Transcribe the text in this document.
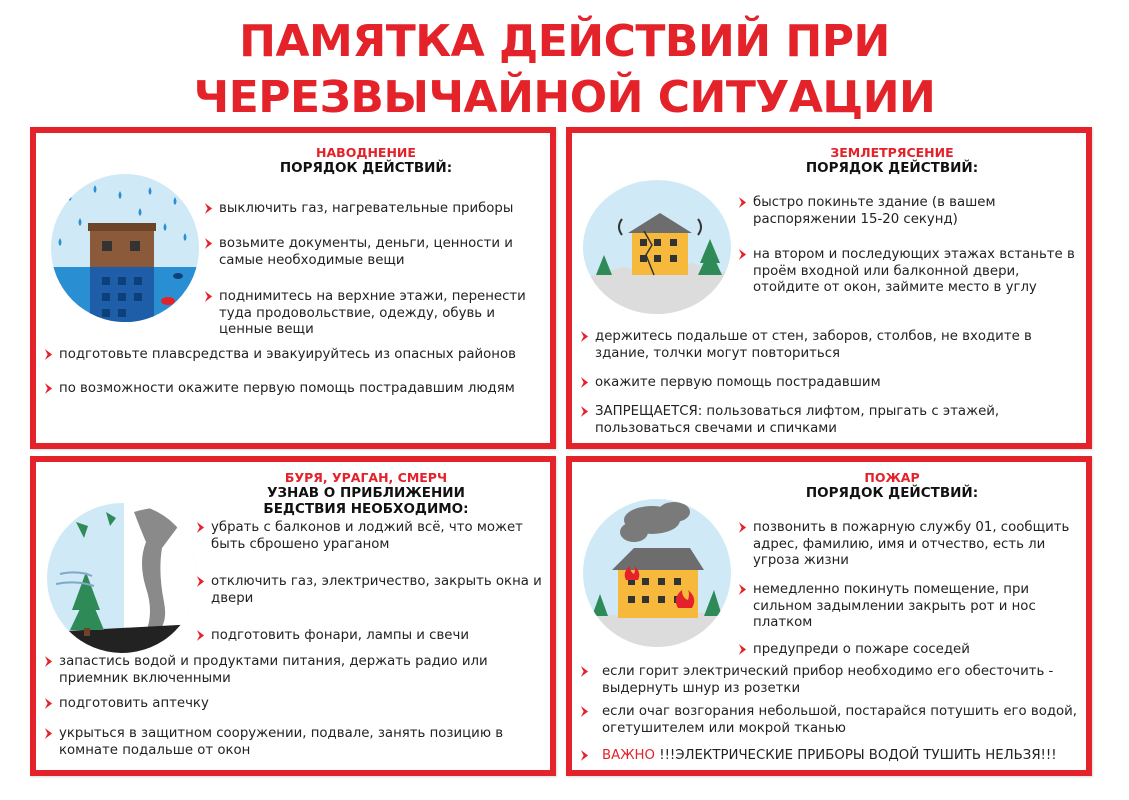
ПАМЯТКА ДЕЙСТВИЙ ПРИ
ЧЕРЕЗВЫЧАЙНОЙ СИТУАЦИИ
НАВОДНЕНИЕ
ПОРЯДОК ДЕЙСТВИЙ:
выключить газ, нагревательные приборы
возьмите документы, деньги, ценности и самые необходимые вещи
поднимитесь на верхние этажи, перенести туда продовольствие, одежду, обувь и ценные вещи
подготовьте плавсредства и эвакуируйтесь из опасных районов
по возможности окажите первую помощь пострадавшим людям
ЗЕМЛЕТРЯСЕНИЕ
ПОРЯДОК ДЕЙСТВИЙ:
быстро покиньте здание (в вашем распоряжении 15-20 секунд)
на втором и последующих этажах встаньте в проём входной или балконной двери, отойдите от окон, займите место в углу
держитесь подальше от стен, заборов, столбов, не входите в здание, толчки могут повториться
окажите первую помощь пострадавшим
ЗАПРЕЩАЕТСЯ: пользоваться лифтом, прыгать с этажей, пользоваться свечами и спичками
БУРЯ, УРАГАН, СМЕРЧ
УЗНАВ О ПРИБЛИЖЕНИИ
БЕДСТВИЯ НЕОБХОДИМО:
убрать с балконов и лоджий всё, что может быть сброшено ураганом
отключить газ, электричество, закрыть окна и двери
подготовить фонари, лампы и свечи
запастись водой и продуктами питания, держать радио или приемник включенными
подготовить аптечку
укрыться в защитном сооружении, подвале, занять позицию в комнате подальше от окон
ПОЖАР
ПОРЯДОК ДЕЙСТВИЙ:
позвонить в пожарную службу 01, сообщить адрес, фамилию, имя и отчество, есть ли угроза жизни
немедленно покинуть помещение, при сильном задымлении закрыть рот и нос платком
предупреди о пожаре соседей
если горит электрический прибор необходимо его обесточить - выдернуть шнур из розетки
если очаг возгорания небольшой, постарайся потушить его водой, огетушителем или мокрой тканью
ВАЖНО !!!ЭЛЕКТРИЧЕСКИЕ ПРИБОРЫ ВОДОЙ ТУШИТЬ НЕЛЬЗЯ!!!
